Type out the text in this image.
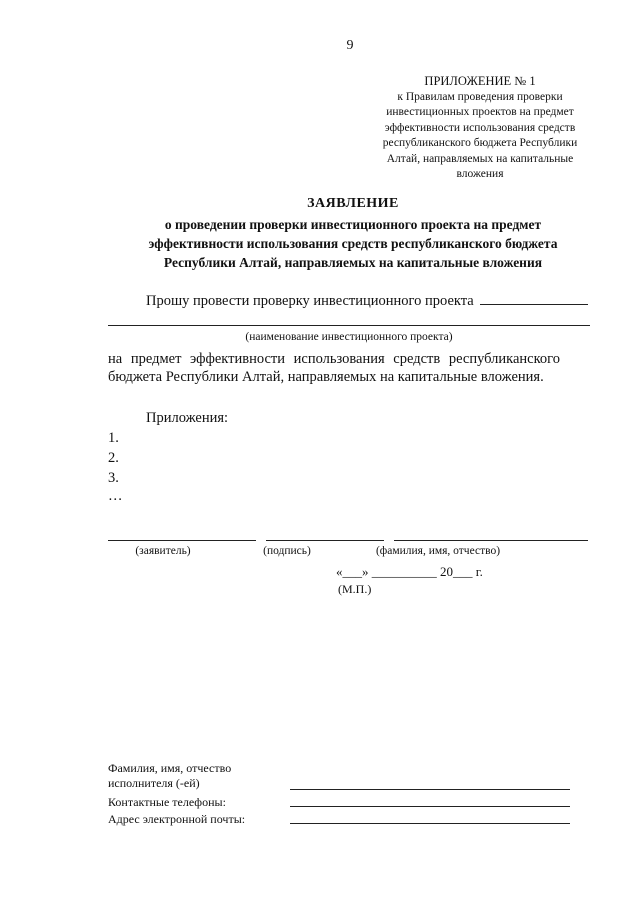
9
ПРИЛОЖЕНИЕ № 1
к Правилам проведения проверки
инвестиционных проектов на предмет
эффективности использования средств
республиканского бюджета Республики
Алтай, направляемых на капитальные
вложения
ЗАЯВЛЕНИЕ
о проведении проверки инвестиционного проекта на предмет
эффективности использования средств республиканского бюджета
Республики Алтай, направляемых на капитальные вложения
Прошу провести проверку инвестиционного проекта
(наименование инвестиционного проекта)
на предмет эффективности использования средств республиканского
бюджета Республики Алтай, направляемых на капитальные вложения.
Приложения:
1.
2.
3.
…
(заявитель)	(подпись)	(фамилия, имя, отчество)
«___» __________ 20___ г.
(М.П.)
Фамилия, имя, отчество
исполнителя (-ей)
Контактные телефоны:
Адрес электронной почты:
